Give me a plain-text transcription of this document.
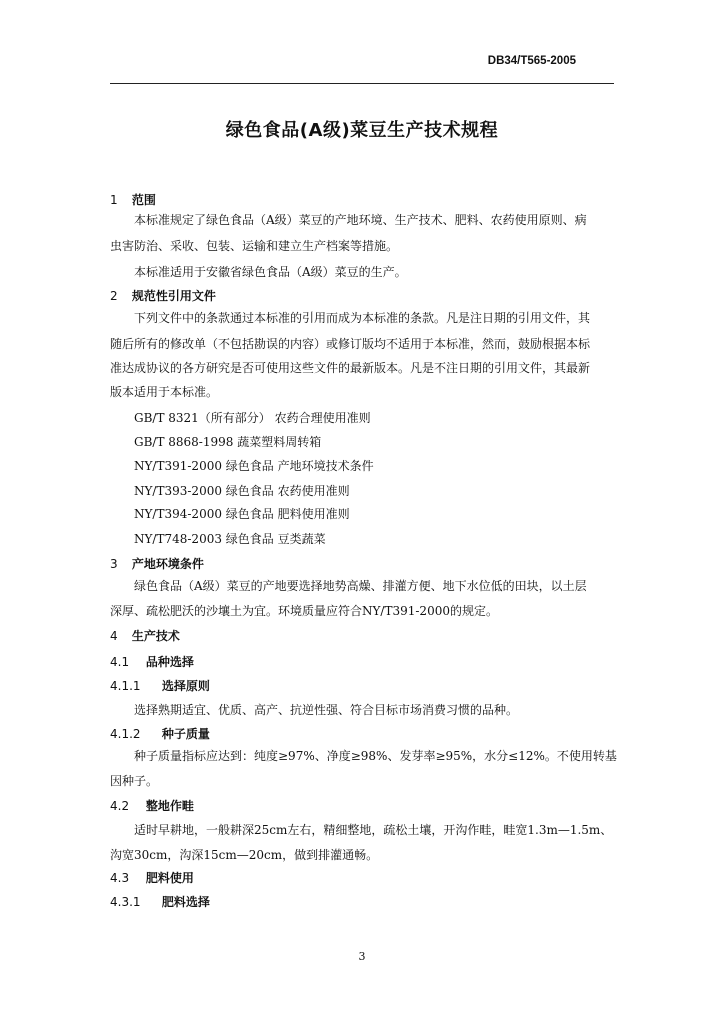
DB34/T565-2005
绿色食品(A级)菜豆生产技术规程
1 范围
本标准规定了绿色食品（A级）菜豆的产地环境、生产技术、肥料、农药使用原则、病
虫害防治、采收、包装、运输和建立生产档案等措施。
本标准适用于安徽省绿色食品（A级）菜豆的生产。
2 规范性引用文件
下列文件中的条款通过本标准的引用而成为本标准的条款。凡是注日期的引用文件，其
随后所有的修改单（不包括勘误的内容）或修订版均不适用于本标准，然而，鼓励根据本标
准达成协议的各方研究是否可使用这些文件的最新版本。凡是不注日期的引用文件，其最新
版本适用于本标准。
GB/T 8321（所有部分） 农药合理使用准则
GB/T 8868-1998 蔬菜塑料周转箱
NY/T391-2000 绿色食品 产地环境技术条件
NY/T393-2000 绿色食品 农药使用准则
NY/T394-2000 绿色食品 肥料使用准则
NY/T748-2003 绿色食品 豆类蔬菜
3 产地环境条件
绿色食品（A级）菜豆的产地要选择地势高燥、排灌方便、地下水位低的田块，以土层
深厚、疏松肥沃的沙壤土为宜。环境质量应符合NY/T391-2000的规定。
4 生产技术
4.1 品种选择
4.1.1 选择原则
选择熟期适宜、优质、高产、抗逆性强、符合目标市场消费习惯的品种。
4.1.2 种子质量
种子质量指标应达到：纯度≥97%、净度≥98%、发芽率≥95%，水分≤12%。不使用转基
因种子。
4.2 整地作畦
适时早耕地，一般耕深25cm左右，精细整地，疏松土壤，开沟作畦，畦宽1.3m—1.5m、
沟宽30cm，沟深15cm—20cm，做到排灌通畅。
4.3 肥料使用
4.3.1 肥料选择
3
